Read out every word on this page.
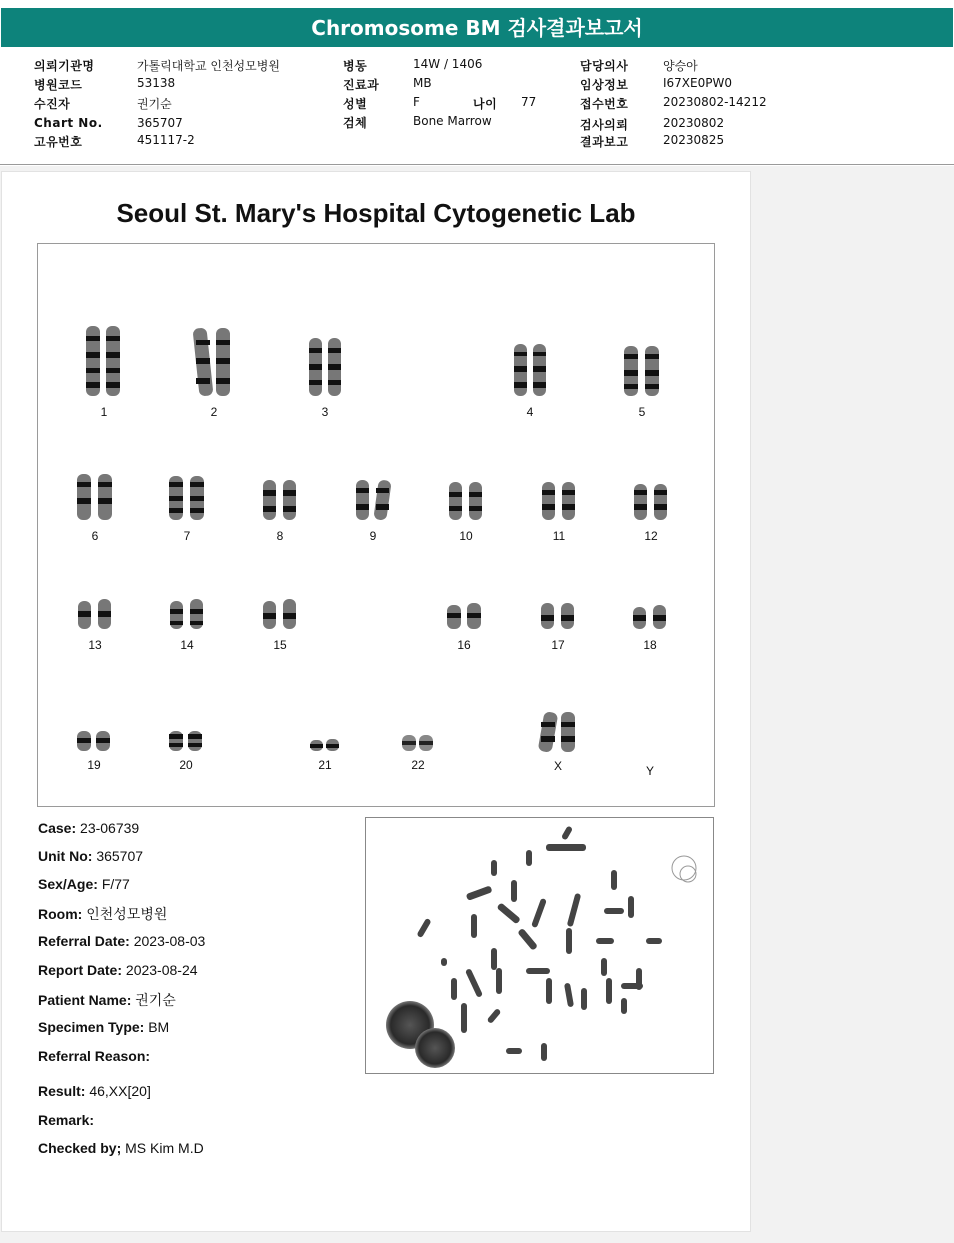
Chromosome BM 검사결과보고서
의뢰기관명	가톨릭대학교 인천성모병원
병원코드	53138
수진자	권기순
Chart No.	365707
고유번호	451117-2
병동	14W / 1406
진료과	MB
성별	F	나이 77
검체	Bone Marrow
담당의사	양승아
임상정보	I67XE0PW0
접수번호	20230802-14212
검사의뢰	20230802
결과보고	20230825
Seoul St. Mary's Hospital Cytogenetic Lab
1	2	3	4	5
6	7	8	9	10	11	12
13	14	15	16	17	18
19	20	21	22	X	Y
Case: 23-06739
Unit No: 365707
Sex/Age: F/77
Room: 인천성모병원
Referral Date: 2023-08-03
Report Date: 2023-08-24
Patient Name: 권기순
Specimen Type: BM
Referral Reason:
Result: 46,XX[20]
Remark:
Checked by; MS Kim M.D
